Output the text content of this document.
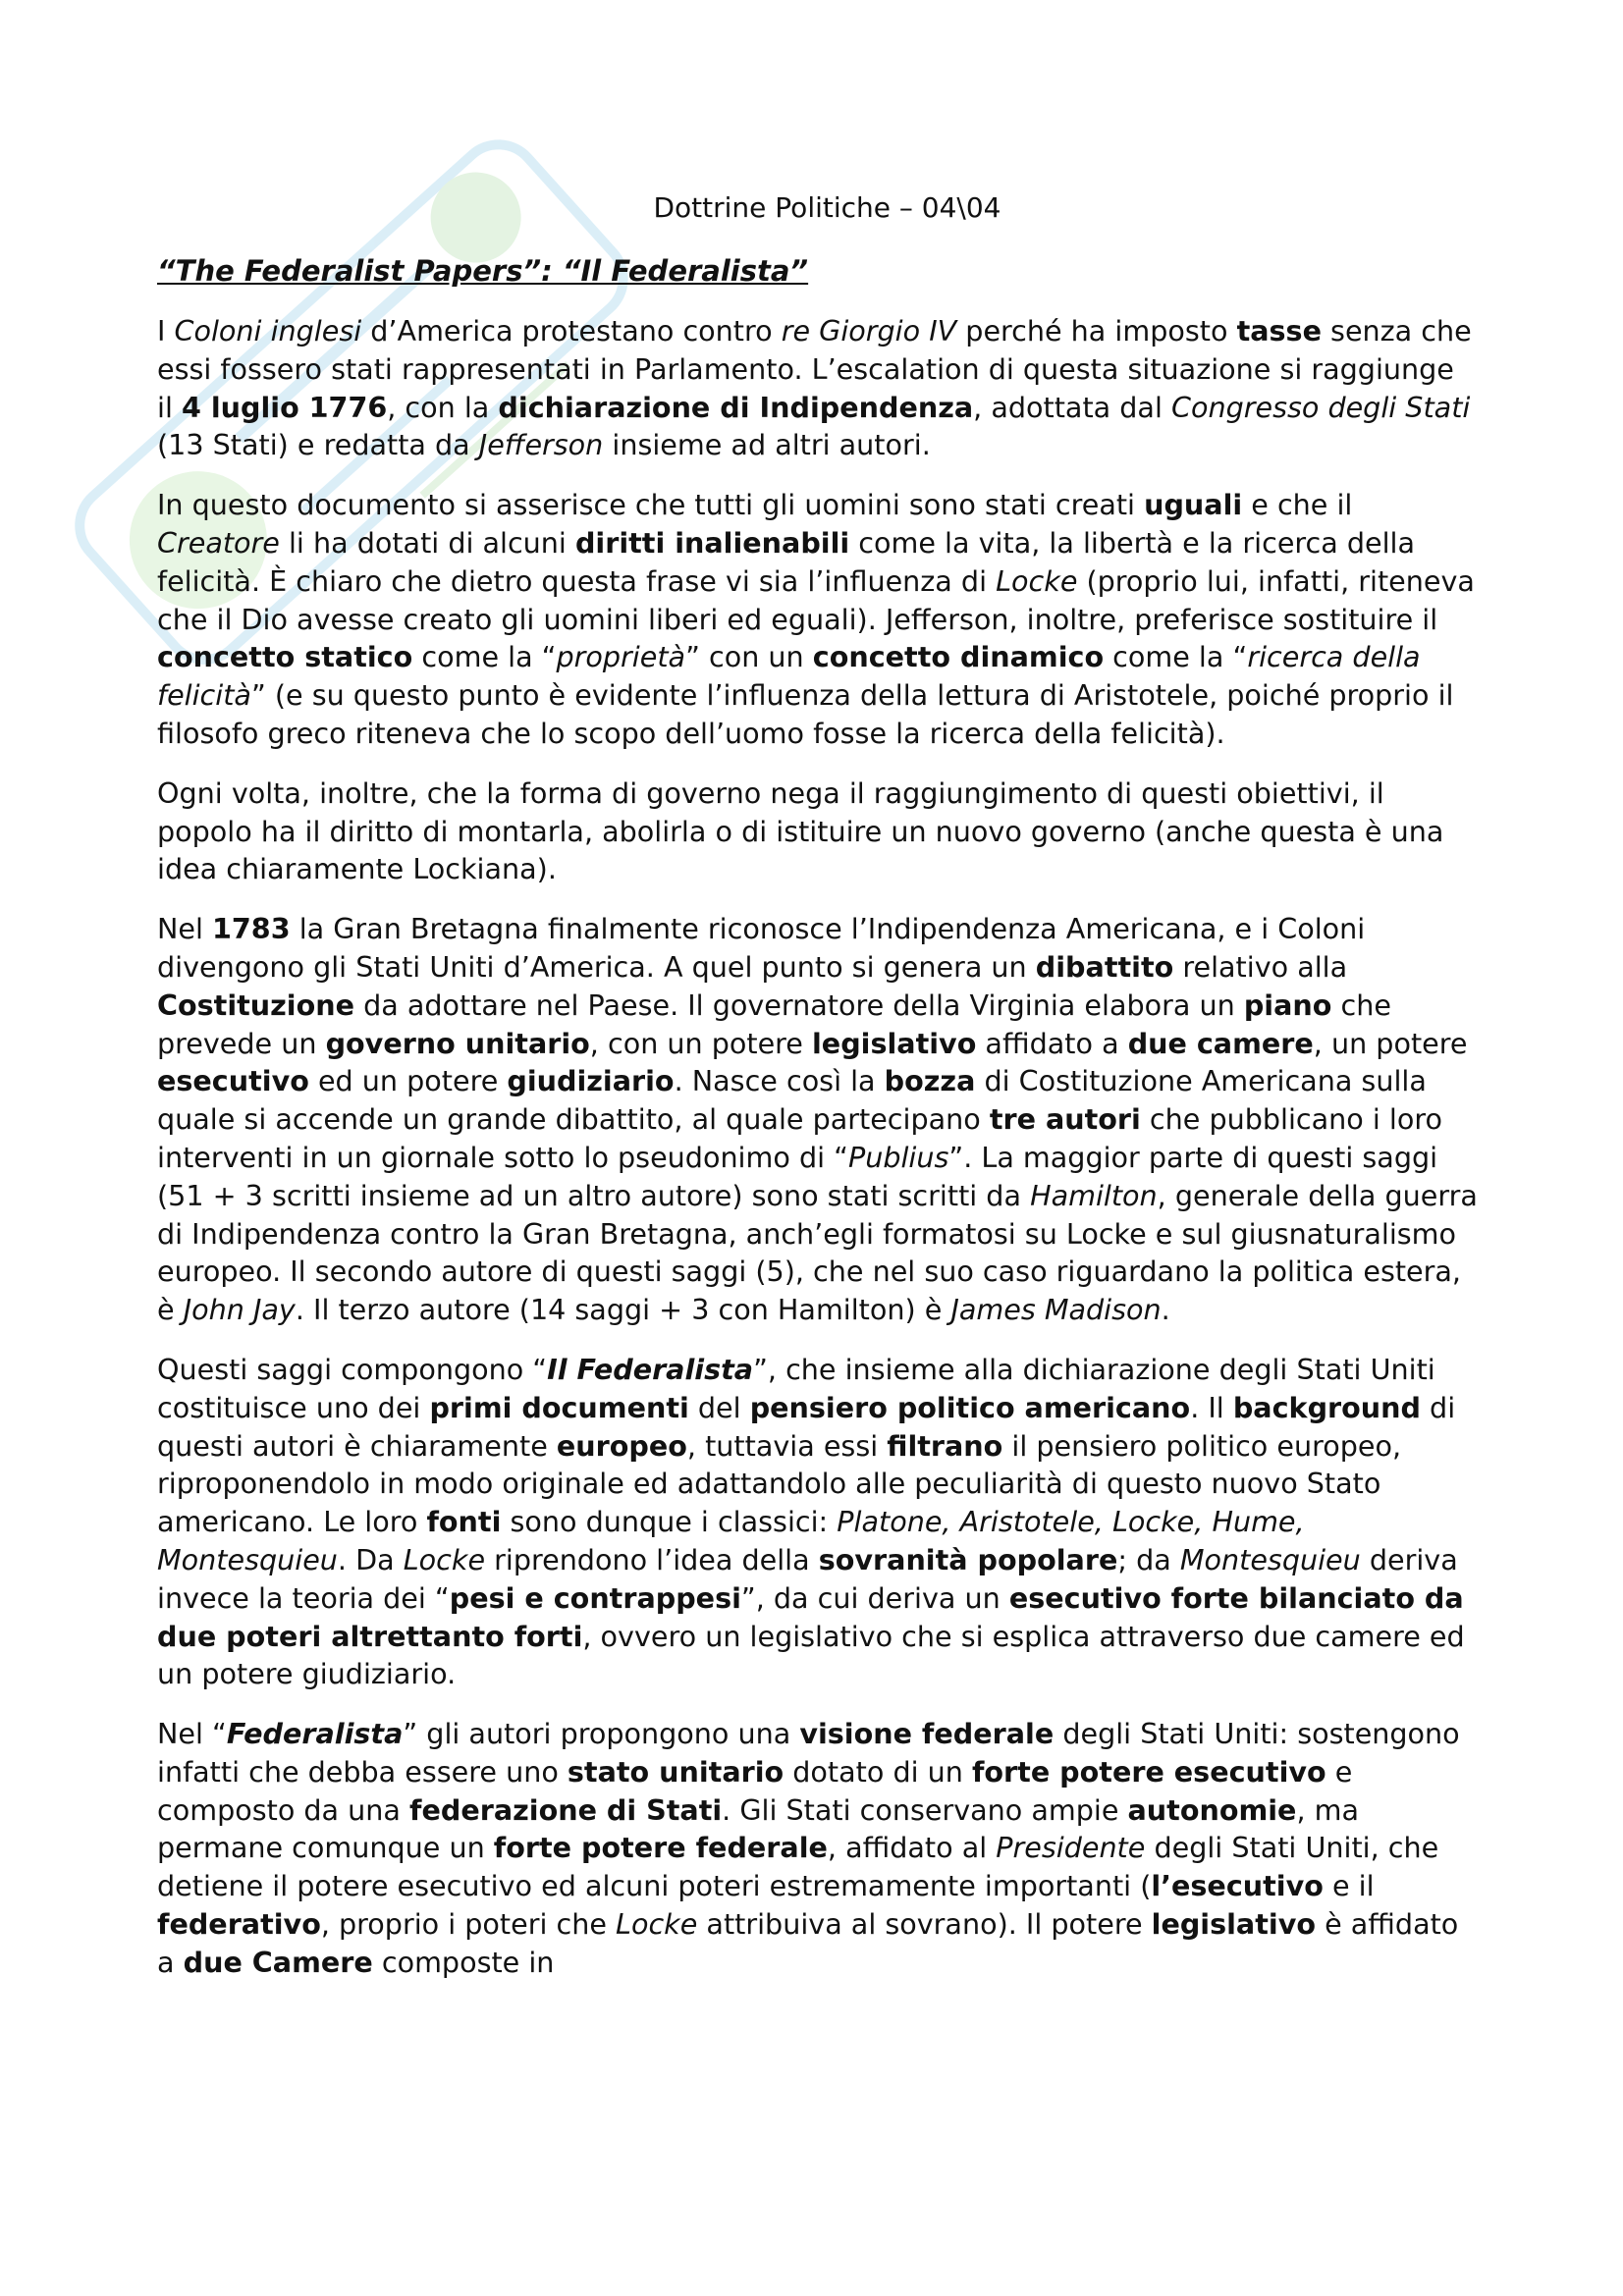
Dottrine Politiche – 04\04
“The Federalist Papers”: “Il Federalista”

I Coloni inglesi d’America protestano contro re Giorgio IV perché ha imposto tasse senza che essi fossero stati rappresentati in Parlamento. L’escalation di questa situazione si raggiunge il 4 luglio 1776, con la dichiarazione di Indipendenza, adottata dal Congresso degli Stati (13 Stati) e redatta da Jefferson insieme ad altri autori.

In questo documento si asserisce che tutti gli uomini sono stati creati uguali e che il Creatore li ha dotati di alcuni diritti inalienabili come la vita, la libertà e la ricerca della felicità. È chiaro che dietro questa frase vi sia l’influenza di Locke (proprio lui, infatti, riteneva che il Dio avesse creato gli uomini liberi ed eguali). Jefferson, inoltre, preferisce sostituire il concetto statico come la “proprietà” con un concetto dinamico come la “ricerca della felicità” (e su questo punto è evidente l’influenza della lettura di Aristotele, poiché proprio il filosofo greco riteneva che lo scopo dell’uomo fosse la ricerca della felicità).

Ogni volta, inoltre, che la forma di governo nega il raggiungimento di questi obiettivi, il popolo ha il diritto di montarla, abolirla o di istituire un nuovo governo (anche questa è una idea chiaramente Lockiana).

Nel 1783 la Gran Bretagna finalmente riconosce l’Indipendenza Americana, e i Coloni divengono gli Stati Uniti d’America. A quel punto si genera un dibattito relativo alla Costituzione da adottare nel Paese. Il governatore della Virginia elabora un piano che prevede un governo unitario, con un potere legislativo affidato a due camere, un potere esecutivo ed un potere giudiziario. Nasce così la bozza di Costituzione Americana sulla quale si accende un grande dibattito, al quale partecipano tre autori che pubblicano i loro interventi in un giornale sotto lo pseudonimo di “Publius”. La maggior parte di questi saggi (51 + 3 scritti insieme ad un altro autore) sono stati scritti da Hamilton, generale della guerra di Indipendenza contro la Gran Bretagna, anch’egli formatosi su Locke e sul giusnaturalismo europeo. Il secondo autore di questi saggi (5), che nel suo caso riguardano la politica estera, è John Jay. Il terzo autore (14 saggi + 3 con Hamilton) è James Madison.

Questi saggi compongono “Il Federalista”, che insieme alla dichiarazione degli Stati Uniti costituisce uno dei primi documenti del pensiero politico americano. Il background di questi autori è chiaramente europeo, tuttavia essi filtrano il pensiero politico europeo, riproponendolo in modo originale ed adattandolo alle peculiarità di questo nuovo Stato americano. Le loro fonti sono dunque i classici: Platone, Aristotele, Locke, Hume, Montesquieu. Da Locke riprendono l’idea della sovranità popolare; da Montesquieu deriva invece la teoria dei “pesi e contrappesi”, da cui deriva un esecutivo forte bilanciato da due poteri altrettanto forti, ovvero un legislativo che si esplica attraverso due camere ed un potere giudiziario.

Nel “Federalista” gli autori propongono una visione federale degli Stati Uniti: sostengono infatti che debba essere uno stato unitario dotato di un forte potere esecutivo e composto da una federazione di Stati. Gli Stati conservano ampie autonomie, ma permane comunque un forte potere federale, affidato al Presidente degli Stati Uniti, che detiene il potere esecutivo ed alcuni poteri estremamente importanti (l’esecutivo e il federativo, proprio i poteri che Locke attribuiva al sovrano). Il potere legislativo è affidato a due Camere composte in
